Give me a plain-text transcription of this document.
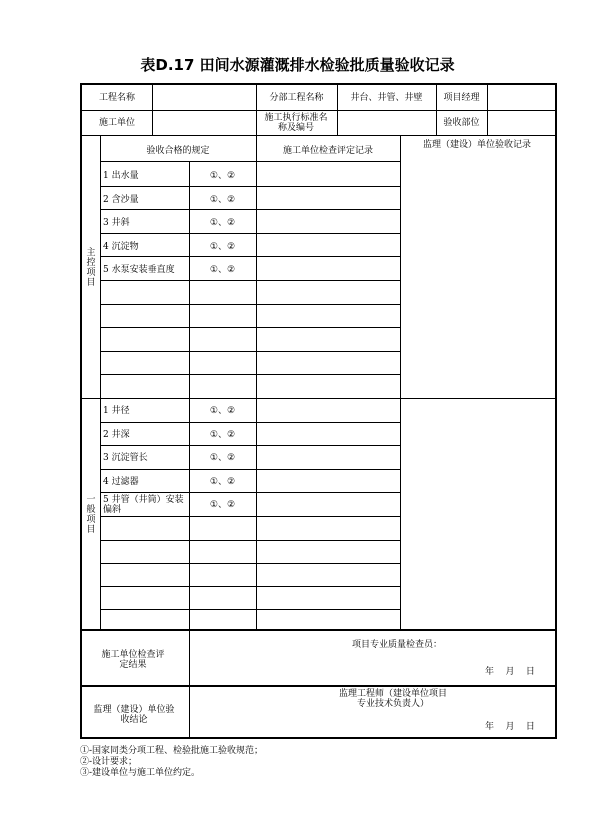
表D.17 田间水源灌溉排水检验批质量验收记录
工程名称	分部工程名称	井台、井管、井壁	项目经理
施工单位	施工执行标准名称及编号	验收部位
验收合格的规定	施工单位检查评定记录
监理（建设）单位验收记录
主控项目
一般项目
1 出水量	①、②
2 含沙量	①、②
3 井斜	①、②
4 沉淀物	①、②
5 水泵安装垂直度	①、②
1 井径	①、②
2 井深	①、②
3 沉淀管长	①、②
4 过滤器	①、②
5 井管（井筒）安装偏斜	①、②
施工单位检查评定结果
项目专业质量检查员：
年    月    日
监理（建设）单位验收结论
监理工程师（建设单位项目专业技术负责人）
年    月    日
①-国家同类分项工程、检验批施工验收规范；
②-设计要求；
③-建设单位与施工单位约定。
